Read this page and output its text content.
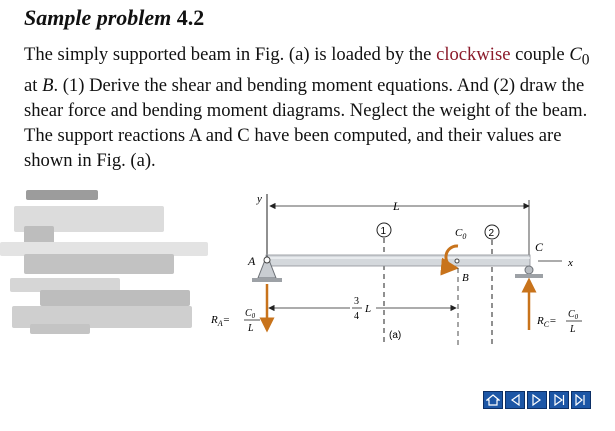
Sample problem 4.2
The simply supported beam in Fig. (a) is loaded by the clockwise couple $C_0$ at B. (1) Derive the shear and bending moment equations. And (2) draw the shear force and bending moment diagrams. Neglect the weight of the beam. The support reactions A and C have been computed, and their values are shown in Fig. (a).
y	L
1	2
A
C
x
$C_0$
B
$R_A=$
$C_0$
L
3
4
L
$R_C=$
$C_0$
L
(a)
